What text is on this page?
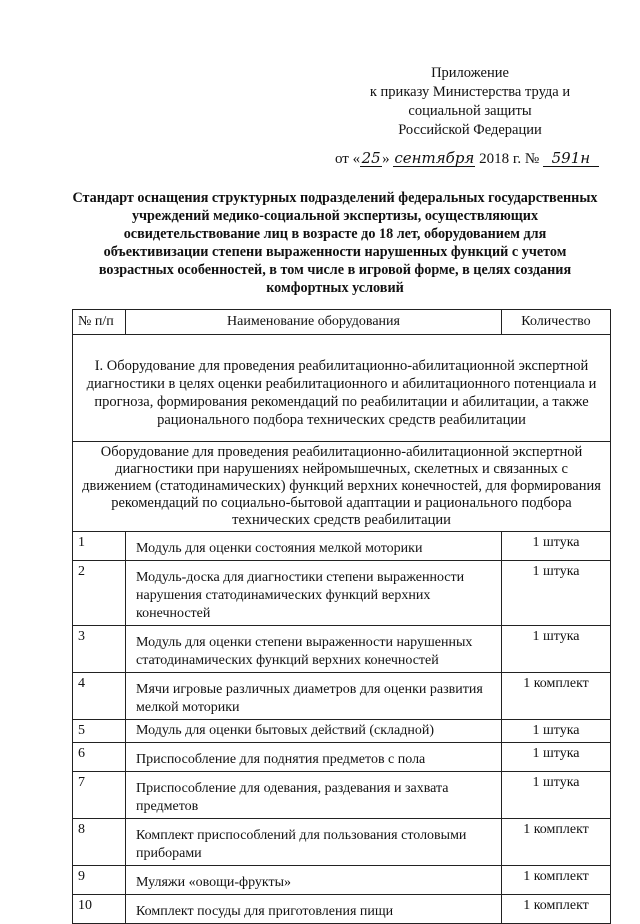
Приложение
к приказу Министерства труда и
социальной защиты
Российской Федерации
от «25» сентября 2018 г. № 591н
Стандарт оснащения структурных подразделений федеральных государственных учреждений медико-социальной экспертизы, осуществляющих освидетельствование лиц в возрасте до 18 лет, оборудованием для объективизации степени выраженности нарушенных функций с учетом возрастных особенностей, в том числе в игровой форме, в целях создания комфортных условий
№ п/п	Наименование оборудования	Количество
I. Оборудование для проведения реабилитационно-абилитационной экспертной диагностики в целях оценки реабилитационного и абилитационного потенциала и прогноза, формирования рекомендаций по реабилитации и абилитации, а также рационального подбора технических средств реабилитации		
Оборудование для проведения реабилитационно-абилитационной экспертной диагностики при нарушениях нейромышечных, скелетных и связанных с движением (статодинамических) функций верхних конечностей, для формирования рекомендаций по социально-бытовой адаптации и рационального подбора технических средств реабилитации		
1	Модуль для оценки состояния мелкой моторики	1 штука
2	Модуль-доска для диагностики степени выраженности нарушения статодинамических функций верхних конечностей	1 штука
3	Модуль для оценки степени выраженности нарушенных статодинамических функций верхних конечностей	1 штука
4	Мячи игровые различных диаметров для оценки развития мелкой моторики	1 комплект
5	Модуль для оценки бытовых действий (складной)	1 штука
6	Приспособление для поднятия предметов с пола	1 штука
7	Приспособление для одевания, раздевания и захвата предметов	1 штука
8	Комплект приспособлений для пользования столовыми приборами	1 комплект
9	Муляжи «овощи-фрукты»	1 комплект
10	Комплект посуды для приготовления пищи	1 комплект
